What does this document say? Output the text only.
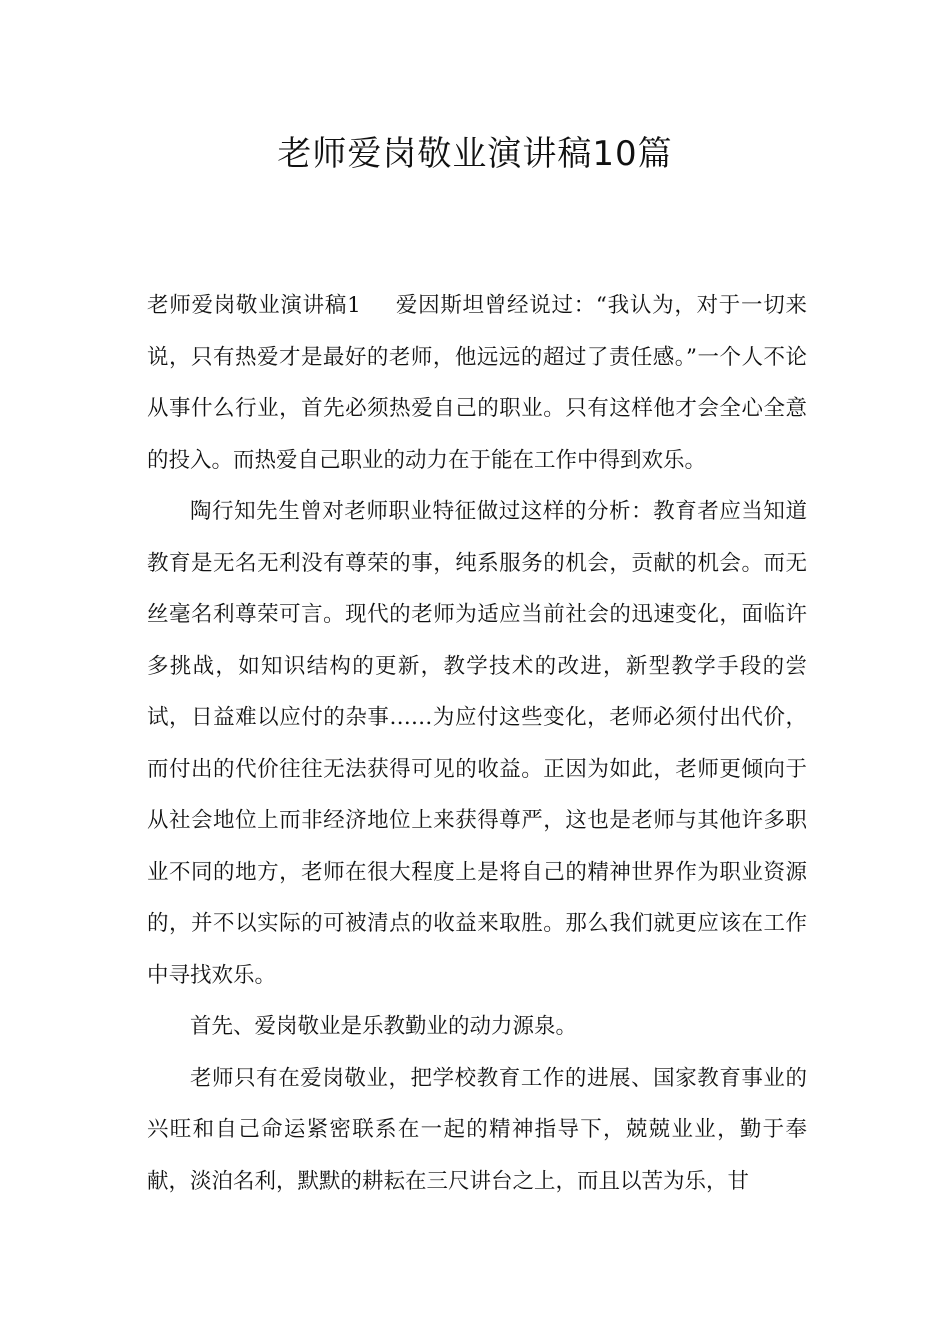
老师爱岗敬业演讲稿10篇

老师爱岗敬业演讲稿1 爱因斯坦曾经说过：“我认为，对于一切来说，只有热爱才是最好的老师，他远远的超过了责任感。”一个人不论从事什么行业，首先必须热爱自己的职业。只有这样他才会全心全意的投入。而热爱自己职业的动力在于能在工作中得到欢乐。

陶行知先生曾对老师职业特征做过这样的分析：教育者应当知道教育是无名无利没有尊荣的事，纯系服务的机会，贡献的机会。而无丝毫名利尊荣可言。现代的老师为适应当前社会的迅速变化，面临许多挑战，如知识结构的更新，教学技术的改进，新型教学手段的尝试，日益难以应付的杂事……为应付这些变化，老师必须付出代价，而付出的代价往往无法获得可见的收益。正因为如此，老师更倾向于从社会地位上而非经济地位上来获得尊严，这也是老师与其他许多职业不同的地方，老师在很大程度上是将自己的精神世界作为职业资源的，并不以实际的可被清点的收益来取胜。那么我们就更应该在工作中寻找欢乐。

首先、爱岗敬业是乐教勤业的动力源泉。

老师只有在爱岗敬业，把学校教育工作的进展、国家教育事业的兴旺和自己命运紧密联系在一起的精神指导下，兢兢业业，勤于奉献，淡泊名利，默默的耕耘在三尺讲台之上，而且以苦为乐，甘
